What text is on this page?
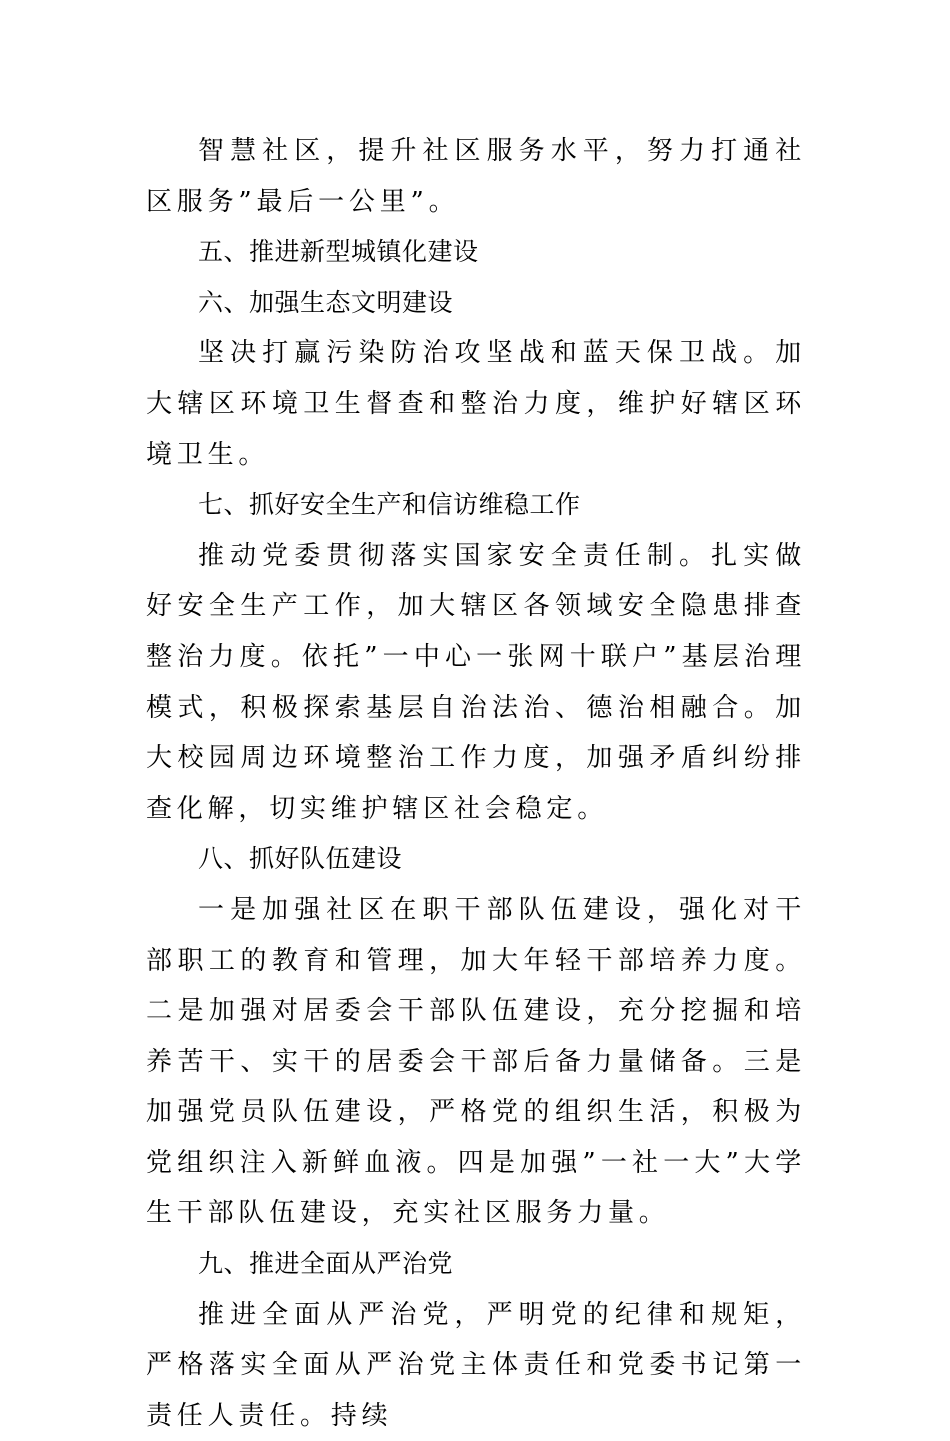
智慧社区，提升社区服务水平，努力打通社区服务”最后一公里”。

五、推进新型城镇化建设

六、加强生态文明建设

坚决打赢污染防治攻坚战和蓝天保卫战。加大辖区环境卫生督查和整治力度，维护好辖区环境卫生。

七、抓好安全生产和信访维稳工作

推动党委贯彻落实国家安全责任制。扎实做好安全生产工作，加大辖区各领域安全隐患排查整治力度。依托”一中心一张网十联户”基层治理模式，积极探索基层自治法治、德治相融合。加大校园周边环境整治工作力度，加强矛盾纠纷排查化解，切实维护辖区社会稳定。

八、抓好队伍建设

一是加强社区在职干部队伍建设，强化对干部职工的教育和管理，加大年轻干部培养力度。二是加强对居委会干部队伍建设，充分挖掘和培养苦干、实干的居委会干部后备力量储备。三是加强党员队伍建设，严格党的组织生活，积极为党组织注入新鲜血液。四是加强”一社一大”大学生干部队伍建设，充实社区服务力量。

九、推进全面从严治党

推进全面从严治党，严明党的纪律和规矩，严格落实全面从严治党主体责任和党委书记第一责任人责任。持续
